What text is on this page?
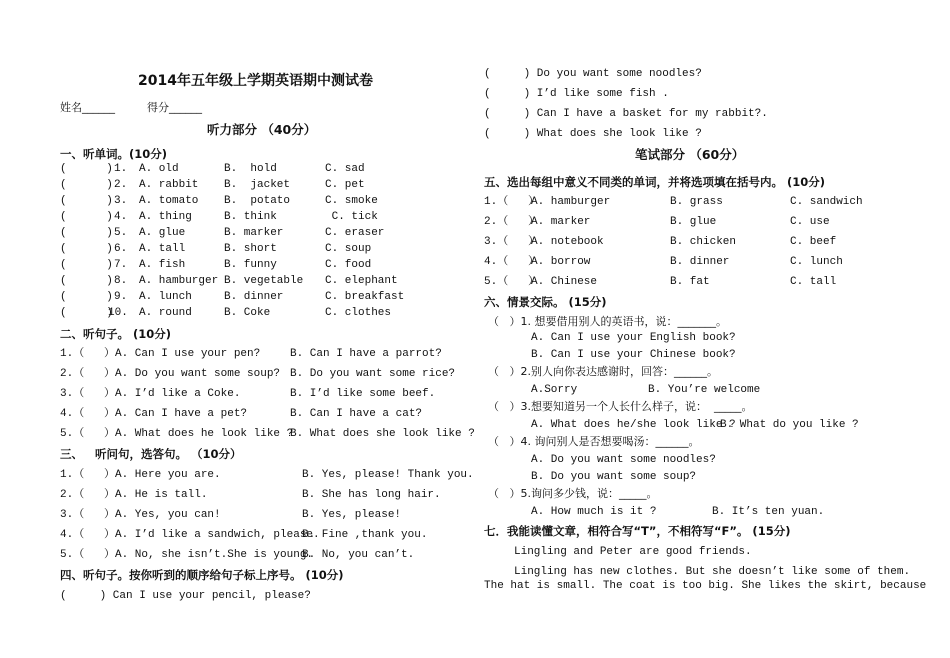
2014年五年级上学期英语期中测试卷
姓名______	得分______
听力部分 （40分）
一、听单词。(10分)
(      ) 1. A. old	B.  hold	C. sad
(      ) 2. A. rabbit B.  jacket	C. pet
(      ) 3. A. tomato B.  potato	C. smoke
(      ) 4. A. thing	B. think	C. tick
(      ) 5. A. glue	B. marker	C. eraser
(      ) 6. A. tall	B. short	C. soup
(      ) 7. A. fish	B. funny	C. food
(      ) 8. A. hamburger B. vegetable C. elephant
(      ) 9. A. lunch	B. dinner	C. breakfast
(      )
10. A. round	B. Coke	C. clothes
二、听句子。 (10分)
1.（   ）A. Can I use your pen?	B. Can I have a parrot?
2.（   ）A. Do you want some soup? B. Do you want some rice?
3.（   ）A. I’d like a Coke.	B. I’d like some beef.
4.（   ）A. Can I have a pet?	B. Can I have a cat?
5.（   ）A. What does he look like ?
B. What does she look like ?
三、   听问句，选答句。 （10分）
1.（   ）A. Here you are.	B. Yes, please! Thank you.
2.（   ）A. He is tall.	B. She has long hair.
3.（   ）A. Yes, you can!	B. Yes, please!
4.（   ）A. I’d like a sandwich, please.
B. Fine ,thank you.
5.（   ）A. No, she isn’t.She is young.
B. No, you can’t.
四、听句子。按你听到的顺序给句子标上序号。 (10分)
(     ) Can I use your pencil, please?
(     ) Do you want some noodles?
(     ) I’d like some fish .
(     ) Can I have a basket for my rabbit?.
(     ) What does she look like ?
笔试部分 （60分）
五、选出每组中意义不同类的单词，并将选项填在括号内。 (10分)
1.（   ）
A. hamburger	B. grass	C. sandwich
2.（   ）
A. marker	B. glue	C. use
3.（   ）
A. notebook	B. chicken	C. beef
4.（   ）
A. borrow	B. dinner	C. lunch
5.（   ）
A. Chinese	B. fat	C. tall
六、情景交际。 (15分)
（   ）1. 想要借用别人的英语书，说：_______。
A. Can I use your English book?
B. Can I use your Chinese book?
（   ）2.别人向你表达感谢时，回答：______。
A.Sorry	B. You’re welcome
（   ）3.想要知道另一个人长什么样子，说：  _____。
A. What does he/she look like ?
B. What do you like ?
（   ）4. 询问别人是否想要喝汤：______。
A. Do you want some noodles?
B. Do you want some soup?
（   ）5.询问多少钱，说：_____。
A. How much is it ?	B. It’s ten yuan.
七．我能读懂文章，相符合写“T”，不相符写“F”。 (15分)
Lingling and Peter are good friends.
Lingling has new clothes. But she doesn’t like some of them.
The hat is small. The coat is too big. She likes the skirt, because
